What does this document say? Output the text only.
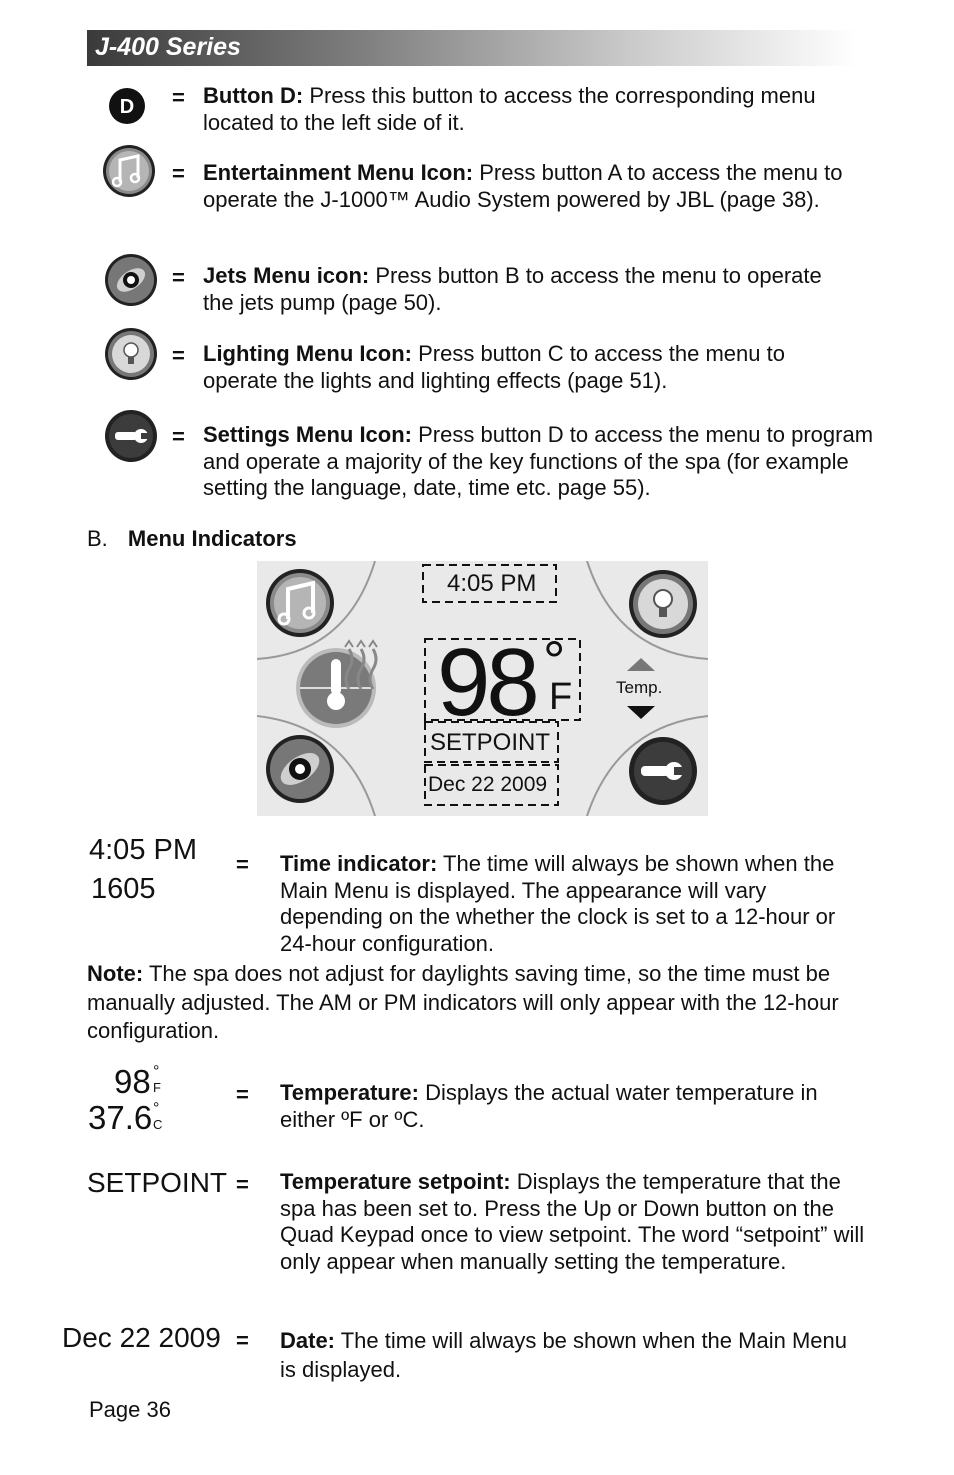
J-400 Series
D = Button D: Press this button to access the corresponding menu located to the left side of it.
= Entertainment Menu Icon: Press button A to access the menu to operate the J-1000™ Audio System powered by JBL (page 38).
= Jets Menu icon: Press button B to access the menu to operate the jets pump (page 50).
= Lighting Menu Icon: Press button C to access the menu to operate the lights and lighting effects (page 51).
= Settings Menu Icon: Press button D to access the menu to program and operate a majority of the key functions of the spa (for example setting the language, date, time etc. page 55).
B. Menu Indicators
4:05 PM
98 °
F	Temp.
SETPOINT
Dec 22 2009
4:05 PM
1605
= Time indicator: The time will always be shown when the Main Menu is displayed. The appearance will vary depending on the whether the clock is set to a 12-hour or 24-hour configuration.
Note: The spa does not adjust for daylights saving time, so the time must be manually adjusted. The AM or PM indicators will only appear with the 12-hour configuration.
98 °
F
37.6 °
C
= Temperature: Displays the actual water temperature in either ºF or ºC.
SETPOINT = Temperature setpoint: Displays the temperature that the spa has been set to. Press the Up or Down button on the Quad Keypad once to view setpoint. The word “setpoint” will only appear when manually setting the temperature.
Dec 22 2009 = Date: The time will always be shown when the Main Menu is displayed.
Page 36
